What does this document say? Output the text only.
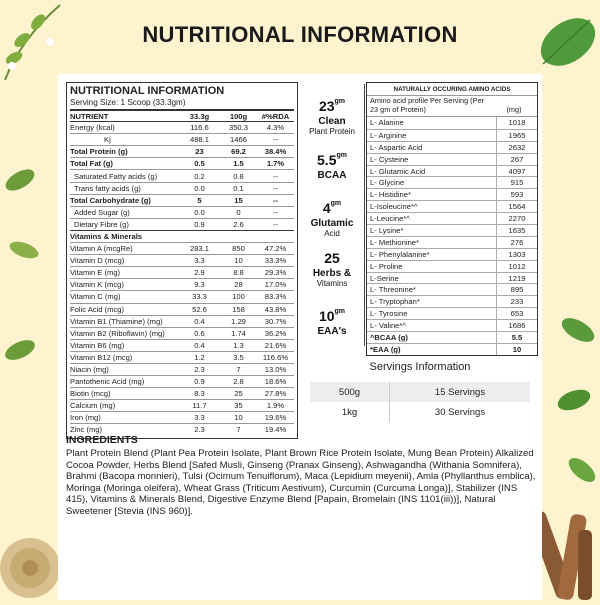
NUTRITIONAL INFORMATION
NUTRITIONAL INFORMATION
Serving Size: 1 Scoop (33.3gm)
NUTRIENT	33.3g	100g	#%RDA
Energy (kcal)	116.6	350.3	4.3%
Kj	488.1	1466	--
Total Protein (g)	23	69.2	38.4%
Total Fat (g)	0.5	1.5	1.7%
Saturated Fatty acids (g)	0.2	0.8	--
Trans fatty acids (g)	0.0	0.1	--
Total Carbohydrate (g)	5	15	--
Added Sugar (g)	0.0	0	--
Dietary Fibre (g)	0.9	2.6	--
Vitamins & Minerals
Vitamin A (mcgRe)	283.1	850	47.2%
Vitamin D (mcg)	3.3	10	33.3%
Vitamin E (mg)	2.9	8.8	29.3%
Vitamin K (mcg)	9.3	28	17.0%
Vitamin C (mg)	33.3	100	83.3%
Folic Acid (mcg)	52.6	158	43.8%
Vitamin B1 (Thiamine) (mg)	0.4	1.29	30.7%
Vitamin B2 (Riboflavin) (mg)	0.6	1.74	36.2%
Vitamin B6 (mg)	0.4	1.3	21.6%
Vitamin B12 (mcg)	1.2	3.5	116.6%
Niacin (mg)	2.3	7	13.0%
Pantothenic Acid (mg)	0.9	2.8	18.6%
Biotin (mcg)	8.3	25	27.8%
Calcium (mg)	11.7	35	1.9%
Iron (mg)	3.3	10	19.6%
Zinc (mg)	2.3	7	19.4%
$23^{gm}$
Clean
Plant Protein
$5.5^{gm}$
BCAA
$4^{gm}$
Glutamic
Acid
25
Herbs &
Vitamins
$10^{gm}$
EAA's
NATURALLY OCCURING AMINO ACIDS
Amino acid profile Per Serving (Per 23 gm of Protein)	(mg)
L- Alanine	1018
L- Arginine	1965
L- Aspartic Acid	2632
L- Cysteine	267
L- Glutamic Acid	4097
L- Glycine	915
L- Histidine*	593
L-Isoleucine*^	1564
L-Leucine*^	2270
L- Lysine*	1635
L- Methionine*	276
L- Phenylalanine*	1303
L- Proline	1012
L-Serine	1219
L- Threonine*	895
L- Tryptophan*	233
L- Tyrosine	653
L- Valine*^	1686
^BCAA (g)	5.5
*EAA (g)	10
Servings Information
500g	15 Servings
1kg	30 Servings
INGREDIENTS
Plant Protein Blend (Plant Pea Protein Isolate, Plant Brown Rice Protein Isolate, Mung Bean Protein) Alkalized Cocoa Powder, Herbs Blend [Safed Musli, Ginseng (Pranax Ginseng), Ashwagandha (Withania Somnifera), Brahmi (Bacopa monnieri), Tulsi (Ocimum Tenuiflorum), Maca (Lepidium meyenii), Amla (Phyllanthus emblica), Moringa (Moringa oleifera), Wheat Grass (Triticum Aestivum), Curcumin (Curcuma Longa)], Stabilizer (INS 415), Vitamins & Minerals Blend, Digestive Enzyme Blend [Papain, Bromelain (INS 1101(iii))], Natural Sweetener [Stevia (INS 960)].
